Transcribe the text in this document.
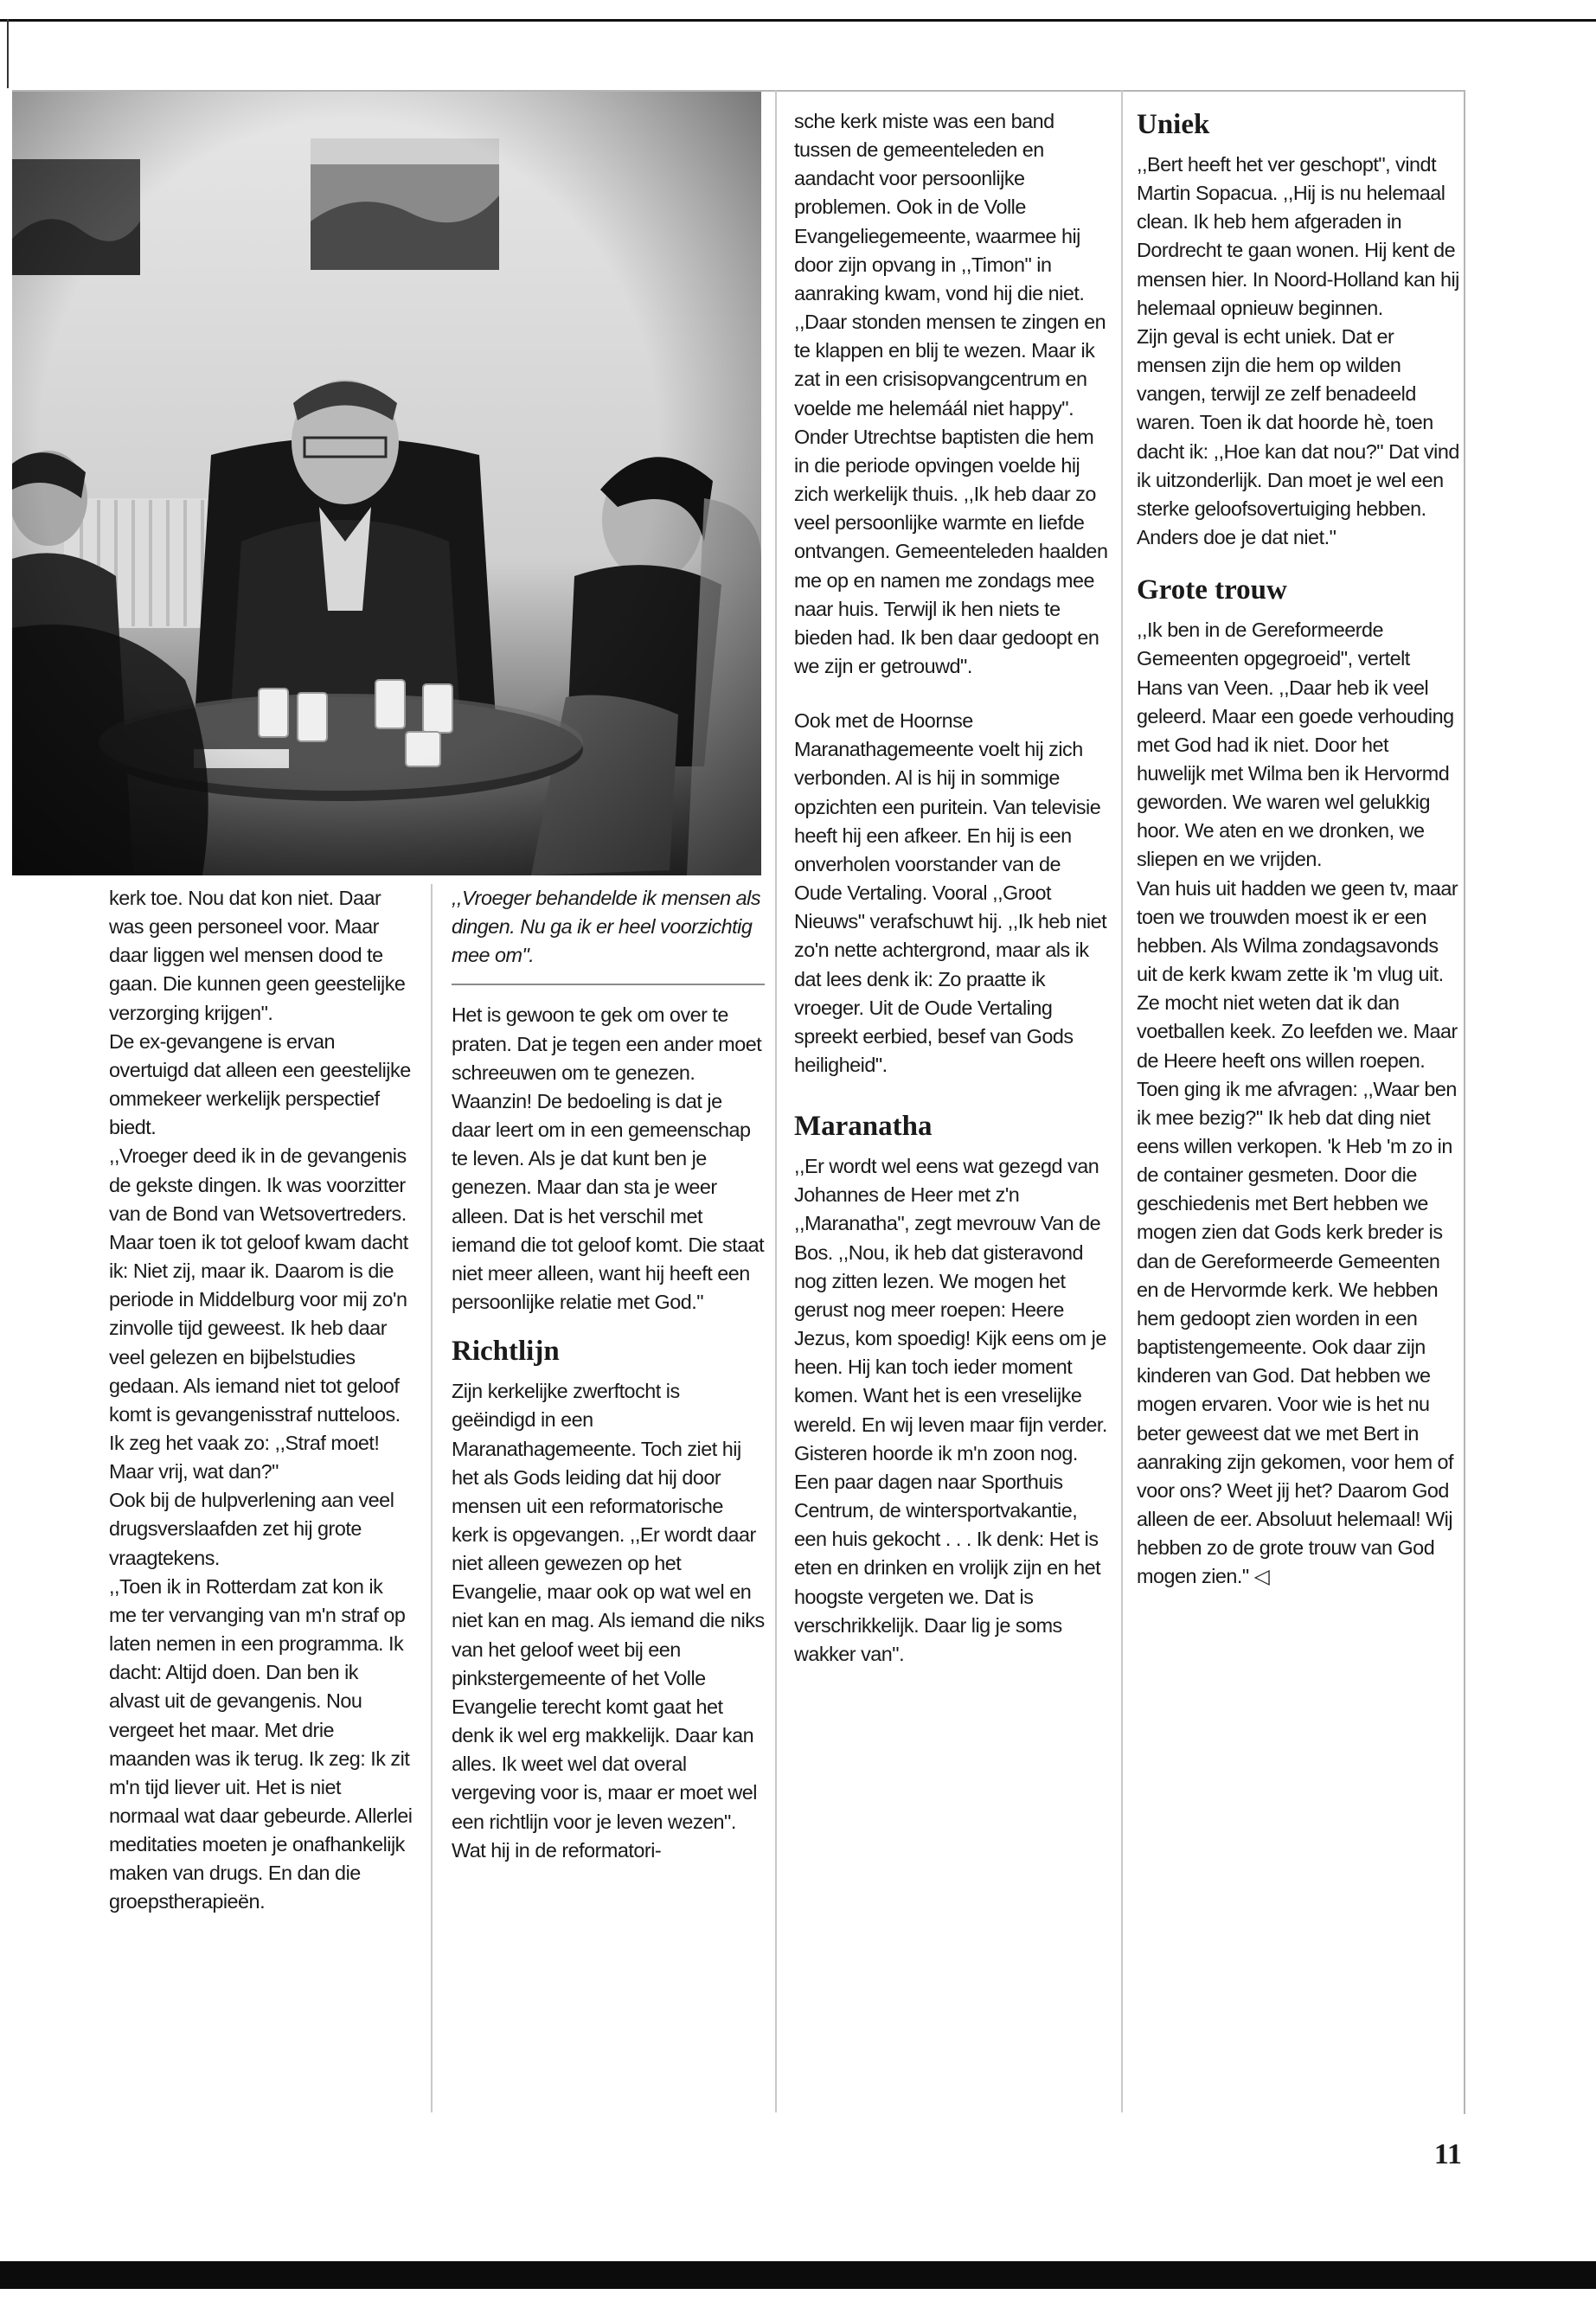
kerk toe. Nou dat kon niet. Daar was geen personeel voor. Maar daar liggen wel mensen dood te gaan. Die kunnen geen geestelijke verzorging krijgen".

De ex-gevangene is ervan overtuigd dat alleen een geestelijke ommekeer werkelijk perspectief biedt.

,,Vroeger deed ik in de gevangenis de gekste dingen. Ik was voorzitter van de Bond van Wetsovertreders. Maar toen ik tot geloof kwam dacht ik: Niet zij, maar ik. Daarom is die periode in Middelburg voor mij zo'n zinvolle tijd geweest. Ik heb daar veel gelezen en bijbelstudies gedaan. Als iemand niet tot geloof komt is gevangenisstraf nutteloos. Ik zeg het vaak zo: ,,Straf moet! Maar vrij, wat dan?"

Ook bij de hulpverlening aan veel drugsverslaafden zet hij grote vraagtekens.

,,Toen ik in Rotterdam zat kon ik me ter vervanging van m'n straf op laten nemen in een programma. Ik dacht: Altijd doen. Dan ben ik alvast uit de gevangenis. Nou vergeet het maar. Met drie maanden was ik terug. Ik zeg: Ik zit m'n tijd liever uit. Het is niet normaal wat daar gebeurde. Allerlei meditaties moeten je onafhankelijk maken van drugs. En dan die groepstherapieën.

,,Vroeger behandelde ik mensen als dingen. Nu ga ik er heel voorzichtig mee om".

Het is gewoon te gek om over te praten. Dat je tegen een ander moet schreeuwen om te genezen. Waanzin! De bedoeling is dat je daar leert om in een gemeenschap te leven. Als je dat kunt ben je genezen. Maar dan sta je weer alleen. Dat is het verschil met iemand die tot geloof komt. Die staat niet meer alleen, want hij heeft een persoonlijke relatie met God."

Richtlijn

Zijn kerkelijke zwerftocht is geëindigd in een Maranathagemeente. Toch ziet hij het als Gods leiding dat hij door mensen uit een reformatorische kerk is opgevangen. ,,Er wordt daar niet alleen gewezen op het Evangelie, maar ook op wat wel en niet kan en mag. Als iemand die niks van het geloof weet bij een pinkstergemeente of het Volle Evangelie terecht komt gaat het denk ik wel erg makkelijk. Daar kan alles. Ik weet wel dat overal vergeving voor is, maar er moet wel een richtlijn voor je leven wezen".

Wat hij in de reformatori-

sche kerk miste was een band tussen de gemeenteleden en aandacht voor persoonlijke problemen. Ook in de Volle Evangeliegemeente, waarmee hij door zijn opvang in ,,Timon" in aanraking kwam, vond hij die niet. ,,Daar stonden mensen te zingen en te klappen en blij te wezen. Maar ik zat in een crisisopvangcentrum en voelde me helemáál niet happy". Onder Utrechtse baptisten die hem in die periode opvingen voelde hij zich werkelijk thuis. ,,Ik heb daar zo veel persoonlijke warmte en liefde ontvangen. Gemeenteleden haalden me op en namen me zondags mee naar huis. Terwijl ik hen niets te bieden had. Ik ben daar gedoopt en we zijn er getrouwd".

Ook met de Hoornse Maranathagemeente voelt hij zich verbonden. Al is hij in sommige opzichten een puritein. Van televisie heeft hij een afkeer. En hij is een onverholen voorstander van de Oude Vertaling. Vooral ,,Groot Nieuws" verafschuwt hij. ,,Ik heb niet zo'n nette achtergrond, maar als ik dat lees denk ik: Zo praatte ik vroeger. Uit de Oude Vertaling spreekt eerbied, besef van Gods heiligheid".

Maranatha

,,Er wordt wel eens wat gezegd van Johannes de Heer met z'n ,,Maranatha", zegt mevrouw Van de Bos. ,,Nou, ik heb dat gisteravond nog zitten lezen. We mogen het gerust nog meer roepen: Heere Jezus, kom spoedig! Kijk eens om je heen. Hij kan toch ieder moment komen. Want het is een vreselijke wereld. En wij leven maar fijn verder. Gisteren hoorde ik m'n zoon nog. Een paar dagen naar Sporthuis Centrum, de wintersportvakantie, een huis gekocht . . . Ik denk: Het is eten en drinken en vrolijk zijn en het hoogste vergeten we. Dat is verschrikkelijk. Daar lig je soms wakker van".

Uniek

,,Bert heeft het ver geschopt", vindt Martin Sopacua. ,,Hij is nu helemaal clean. Ik heb hem afgeraden in Dordrecht te gaan wonen. Hij kent de mensen hier. In Noord-Holland kan hij helemaal opnieuw beginnen.

Zijn geval is echt uniek. Dat er mensen zijn die hem op wilden vangen, terwijl ze zelf benadeeld waren. Toen ik dat hoorde hè, toen dacht ik: ,,Hoe kan dat nou?" Dat vind ik uitzonderlijk. Dan moet je wel een sterke geloofsovertuiging hebben. Anders doe je dat niet."

Grote trouw

,,Ik ben in de Gereformeerde Gemeenten opgegroeid", vertelt Hans van Veen. ,,Daar heb ik veel geleerd. Maar een goede verhouding met God had ik niet. Door het huwelijk met Wilma ben ik Hervormd geworden. We waren wel gelukkig hoor. We aten en we dronken, we sliepen en we vrijden.

Van huis uit hadden we geen tv, maar toen we trouwden moest ik er een hebben. Als Wilma zondagsavonds uit de kerk kwam zette ik 'm vlug uit. Ze mocht niet weten dat ik dan voetballen keek. Zo leefden we. Maar de Heere heeft ons willen roepen. Toen ging ik me afvragen: ,,Waar ben ik mee bezig?" Ik heb dat ding niet eens willen verkopen. 'k Heb 'm zo in de container gesmeten. Door die geschiedenis met Bert hebben we mogen zien dat Gods kerk breder is dan de Gereformeerde Gemeenten en de Hervormde kerk. We hebben hem gedoopt zien worden in een baptistengemeente. Ook daar zijn kinderen van God. Dat hebben we mogen ervaren. Voor wie is het nu beter geweest dat we met Bert in aanraking zijn gekomen, voor hem of voor ons? Weet jij het? Daarom God alleen de eer. Absoluut helemaal! Wij hebben zo de grote trouw van God mogen zien." ◁

11
